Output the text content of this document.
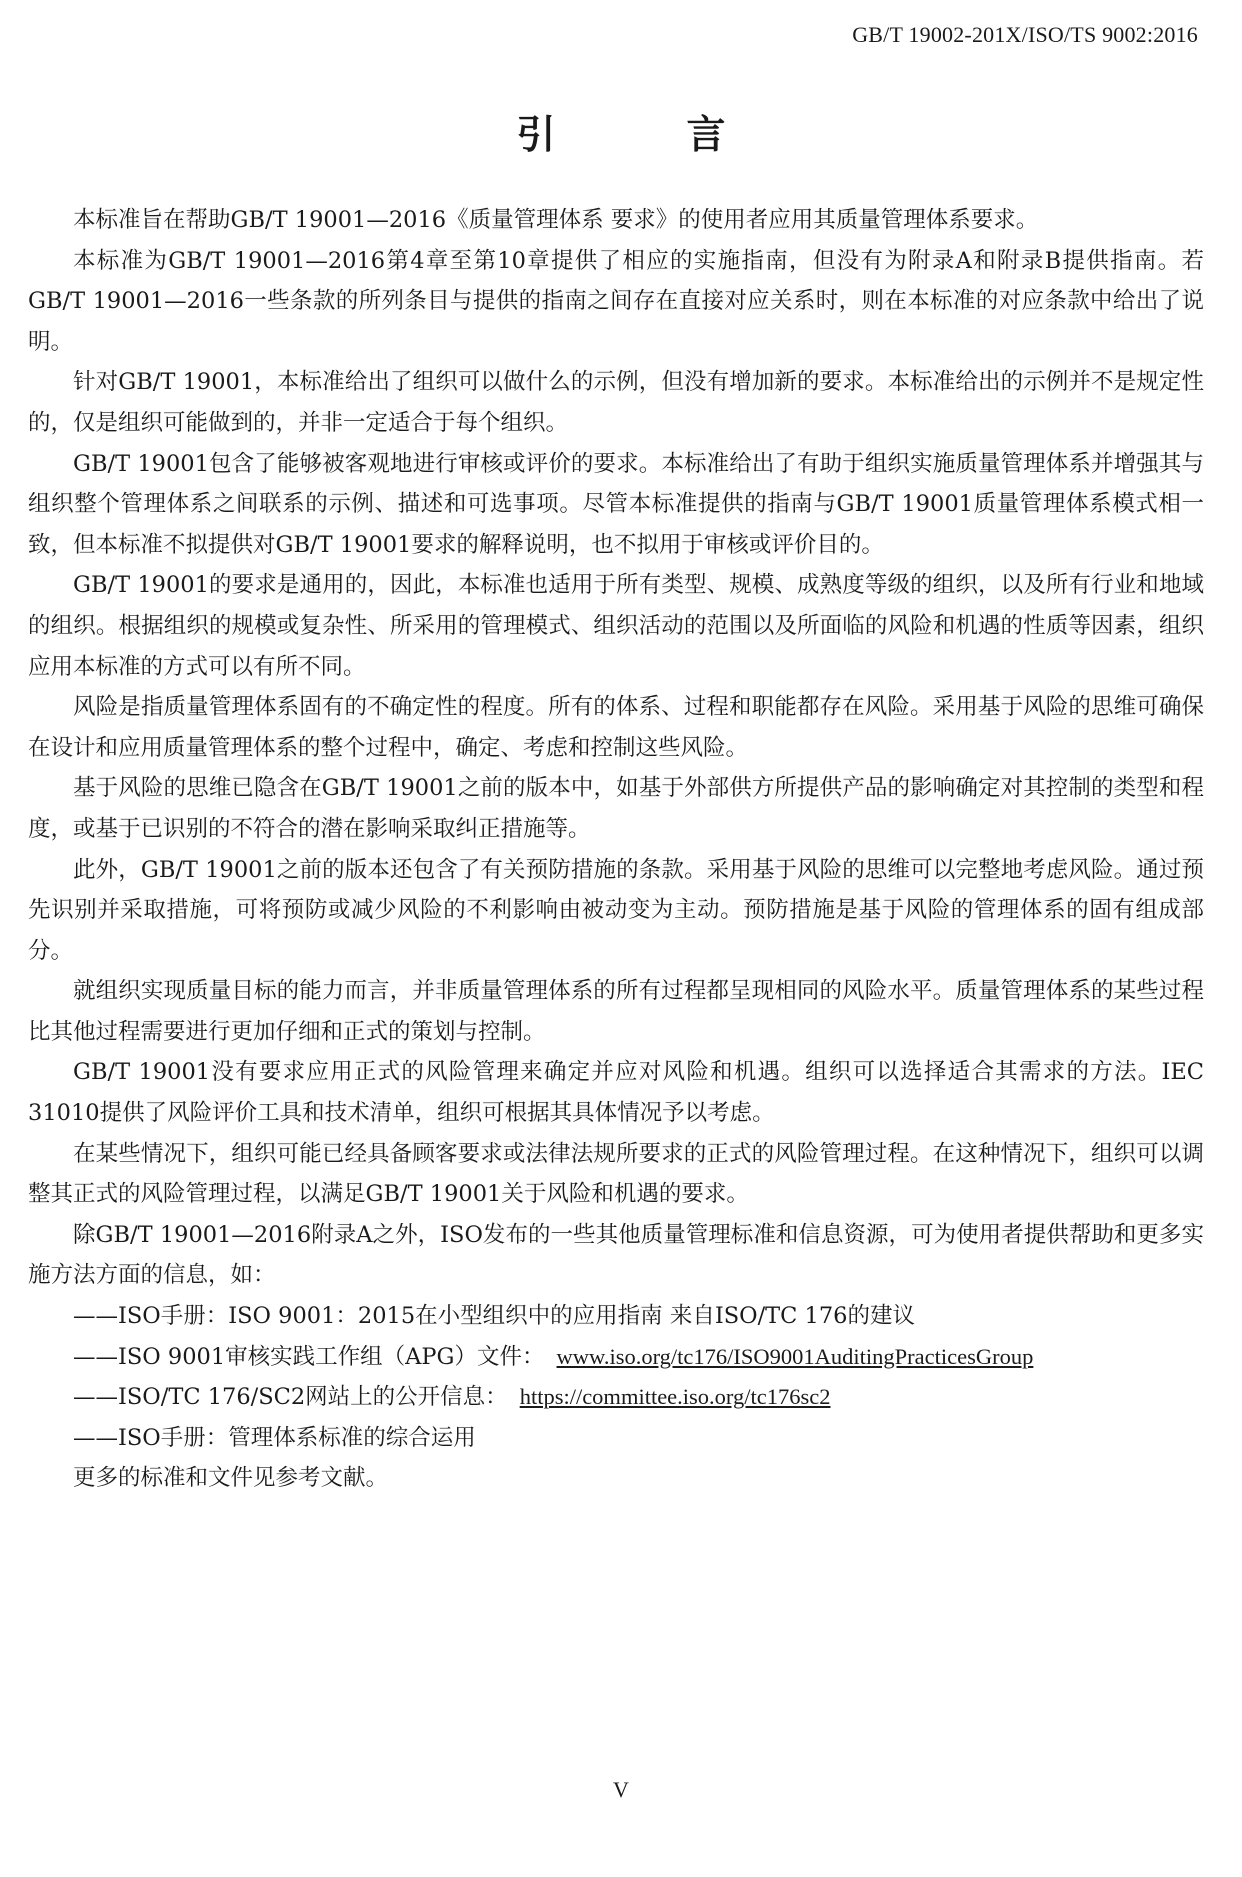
GB/T 19002-201X/ISO/TS 9002:2016
引　言

本标准旨在帮助GB/T 19001—2016《质量管理体系 要求》的使用者应用其质量管理体系要求。

本标准为GB/T 19001—2016第4章至第10章提供了相应的实施指南，但没有为附录A和附录B提供指南。若GB/T 19001—2016一些条款的所列条目与提供的指南之间存在直接对应关系时，则在本标准的对应条款中给出了说明。

针对GB/T 19001，本标准给出了组织可以做什么的示例，但没有增加新的要求。本标准给出的示例并不是规定性的，仅是组织可能做到的，并非一定适合于每个组织。

GB/T 19001包含了能够被客观地进行审核或评价的要求。本标准给出了有助于组织实施质量管理体系并增强其与组织整个管理体系之间联系的示例、描述和可选事项。尽管本标准提供的指南与GB/T 19001质量管理体系模式相一致，但本标准不拟提供对GB/T 19001要求的解释说明，也不拟用于审核或评价目的。

GB/T 19001的要求是通用的，因此，本标准也适用于所有类型、规模、成熟度等级的组织，以及所有行业和地域的组织。根据组织的规模或复杂性、所采用的管理模式、组织活动的范围以及所面临的风险和机遇的性质等因素，组织应用本标准的方式可以有所不同。

风险是指质量管理体系固有的不确定性的程度。所有的体系、过程和职能都存在风险。采用基于风险的思维可确保在设计和应用质量管理体系的整个过程中，确定、考虑和控制这些风险。

基于风险的思维已隐含在GB/T 19001之前的版本中，如基于外部供方所提供产品的影响确定对其控制的类型和程度，或基于已识别的不符合的潜在影响采取纠正措施等。

此外，GB/T 19001之前的版本还包含了有关预防措施的条款。采用基于风险的思维可以完整地考虑风险。通过预先识别并采取措施，可将预防或减少风险的不利影响由被动变为主动。预防措施是基于风险的管理体系的固有组成部分。

就组织实现质量目标的能力而言，并非质量管理体系的所有过程都呈现相同的风险水平。质量管理体系的某些过程比其他过程需要进行更加仔细和正式的策划与控制。

GB/T 19001没有要求应用正式的风险管理来确定并应对风险和机遇。组织可以选择适合其需求的方法。IEC 31010提供了风险评价工具和技术清单，组织可根据其具体情况予以考虑。

在某些情况下，组织可能已经具备顾客要求或法律法规所要求的正式的风险管理过程。在这种情况下，组织可以调整其正式的风险管理过程，以满足GB/T 19001关于风险和机遇的要求。

除GB/T 19001—2016附录A之外，ISO发布的一些其他质量管理标准和信息资源，可为使用者提供帮助和更多实施方法方面的信息，如：

——ISO手册：ISO 9001：2015在小型组织中的应用指南 来自ISO/TC 176的建议

——ISO 9001审核实践工作组（APG）文件： www.iso.org/tc176/ISO9001AuditingPracticesGroup

——ISO/TC 176/SC2网站上的公开信息： https://committee.iso.org/tc176sc2

——ISO手册：管理体系标准的综合运用

更多的标准和文件见参考文献。

V
